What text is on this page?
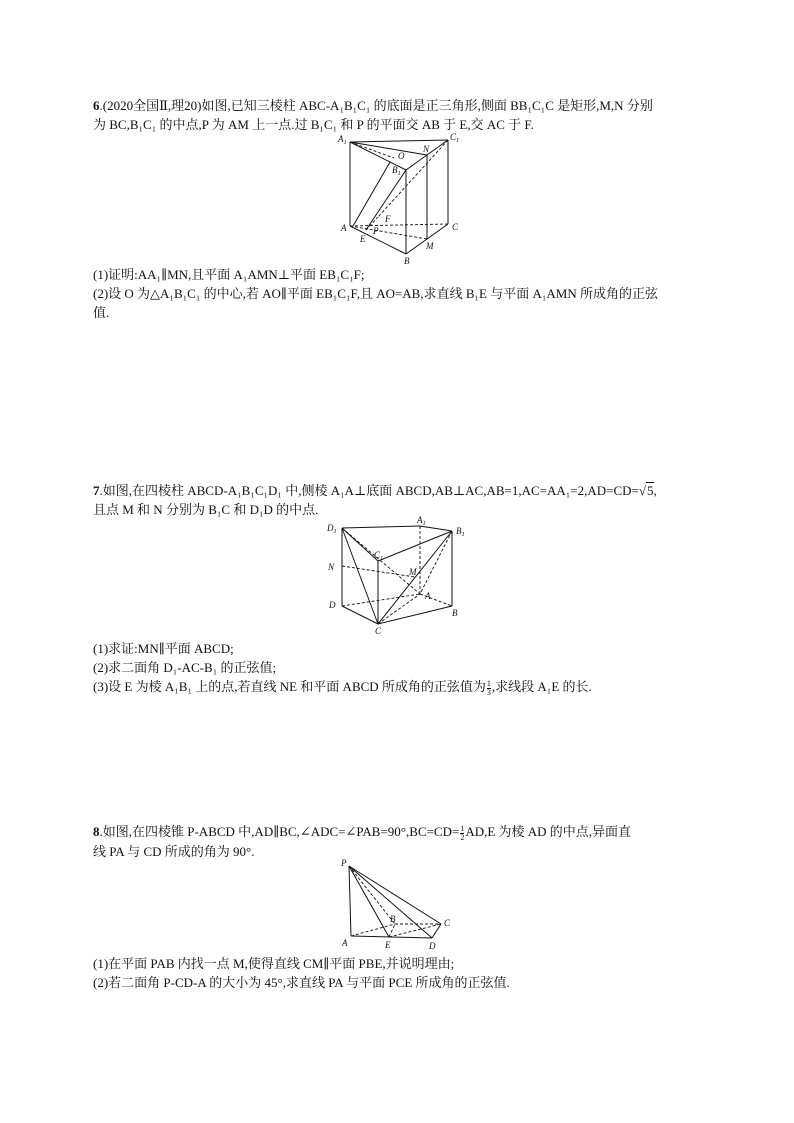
6.(2020全国Ⅱ,理20)如图,已知三棱柱 ABC-A₁B₁C₁ 的底面是正三角形,侧面 BB₁C₁C 是矩形,M,N 分别
为 BC,B₁C₁ 的中点,P 为 AM 上一点.过 B₁C₁ 和 P 的平面交 AB 于 E,交 AC 于 F.
$A_1$
$C_1$
O
N
$B_1$
F
A	P
E
C
M
B
(1)证明:AA₁∥MN,且平面 A₁AMN⊥平面 EB₁C₁F;
(2)设 O 为△A₁B₁C₁ 的中心,若 AO∥平面 EB₁C₁F,且 AO=AB,求直线 B₁E 与平面 A₁AMN 所成角的正弦
值.
7.如图,在四棱柱 ABCD-A₁B₁C₁D₁ 中,侧棱 A₁A⊥底面 ABCD,AB⊥AC,AB=1,AC=AA₁=2,AD=CD=√5,
且点 M 和 N 分别为 B₁C 和 D₁D 的中点.
$D_1$
$A_1$
$B_1$
$C_1$
N	M
D
A
B
C
(1)求证:MN∥平面 ABCD;
(2)求二面角 D₁-AC-B₁ 的正弦值;
(3)设 E 为棱 A₁B₁ 上的点,若直线 NE 和平面 ABCD 所成角的正弦值为 $\frac{1}{3}$ ,求线段 A₁E 的长.
8.如图,在四棱锥 P-ABCD 中,AD∥BC,∠ADC=∠PAB=90°,BC=CD= $\frac{1}{2} AD,E$ 为棱 AD 的中点,异面直
线 PA 与 CD 所成的角为 90°.
P
B	C
A	E	D
(1)在平面 PAB 内找一点 M,使得直线 CM∥平面 PBE,并说明理由;
(2)若二面角 P-CD-A 的大小为 45°,求直线 PA 与平面 PCE 所成角的正弦值.
